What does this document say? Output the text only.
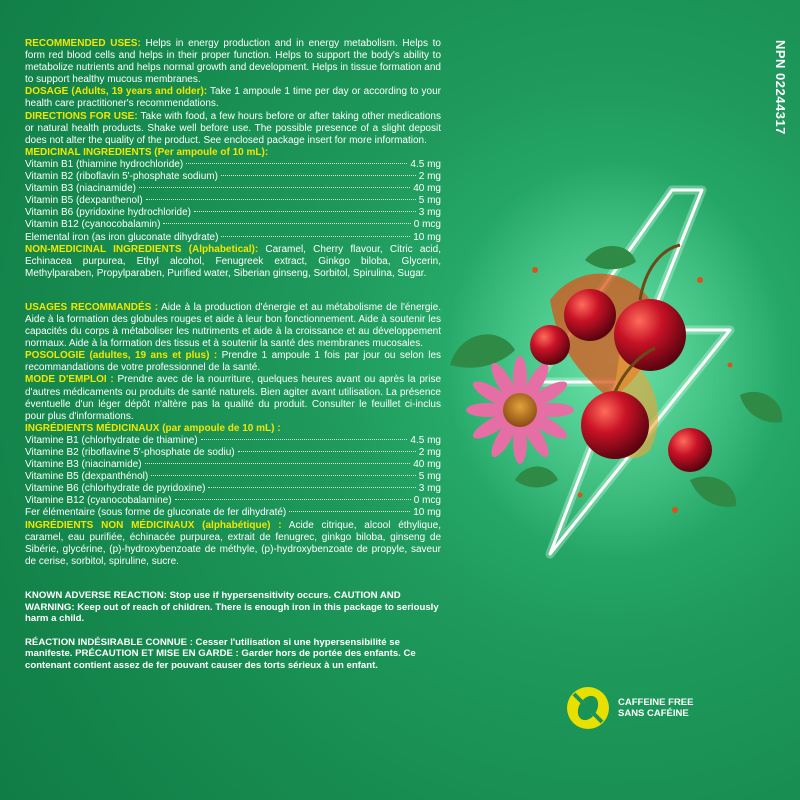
RECOMMENDED USES: Helps in energy production and in energy metabolism. Helps to form red blood cells and helps in their proper function. Helps to support the body's ability to metabolize nutrients and helps normal growth and development. Helps in tissue formation and to support healthy mucous membranes.

DOSAGE (Adults, 19 years and older): Take 1 ampoule 1 time per day or according to your health care practitioner's recommendations.

DIRECTIONS FOR USE: Take with food, a few hours before or after taking other medications or natural health products. Shake well before use. The possible presence of a slight deposit does not alter the quality of the product. See enclosed package insert for more information.

MEDICINAL INGREDIENTS (Per ampoule of 10 mL):

Vitamin B1 (thiamine hydrochloride)	4.5 mg
Vitamin B2 (riboflavin 5'-phosphate sodium)	2 mg
Vitamin B3 (niacinamide)	40 mg
Vitamin B5 (dexpanthenol)	5 mg
Vitamin B6 (pyridoxine hydrochloride)	3 mg
Vitamin B12 (cyanocobalamin)	0 mcg
Elemental iron (as iron gluconate dihydrate)	10 mg

NON-MEDICINAL INGREDIENTS (Alphabetical): Caramel, Cherry flavour, Citric acid, Echinacea purpurea, Ethyl alcohol, Fenugreek extract, Ginkgo biloba, Glycerin, Methylparaben, Propylparaben, Purified water, Siberian ginseng, Sorbitol, Spirulina, Sugar.

USAGES RECOMMANDÉS : Aide à la production d'énergie et au métabolisme de l'énergie. Aide à la formation des globules rouges et aide à leur bon fonctionnement. Aide à soutenir les capacités du corps à métaboliser les nutriments et aide à la croissance et au développement normaux. Aide à la formation des tissus et à soutenir la santé des membranes mucosales.

POSOLOGIE (adultes, 19 ans et plus) : Prendre 1 ampoule 1 fois par jour ou selon les recommandations de votre professionnel de la santé.

MODE D'EMPLOI : Prendre avec de la nourriture, quelques heures avant ou après la prise d'autres médicaments ou produits de santé naturels. Bien agiter avant utilisation. La présence éventuelle d'un léger dépôt n'altère pas la qualité du produit. Consulter le feuillet ci-inclus pour plus d'informations.

INGRÉDIENTS MÉDICINAUX (par ampoule de 10 mL) :

Vitamine B1 (chlorhydrate de thiamine)	4.5 mg
Vitamine B2 (riboflavine 5'-phosphate de sodiu)	2 mg
Vitamine B3 (niacinamide)	40 mg
Vitamine B5 (dexpanthénol)	5 mg
Vitamine B6 (chlorhydrate de pyridoxine)	3 mg
Vitamine B12 (cyanocobalamine)	0 mcg
Fer élémentaire (sous forme de gluconate de fer dihydraté)	10 mg

INGRÉDIENTS NON MÉDICINAUX (alphabétique) : Acide citrique, alcool éthylique, caramel, eau purifiée, échinacée purpurea, extrait de fenugrec, ginkgo biloba, ginseng de Sibérie, glycérine, (p)-hydroxybenzoate de méthyle, (p)-hydroxybenzoate de propyle, saveur de cerise, sorbitol, spiruline, sucre.

KNOWN ADVERSE REACTION: Stop use if hypersensitivity occurs. CAUTION AND WARNING: Keep out of reach of children. There is enough iron in this package to seriously harm a child.

RÉACTION INDÉSIRABLE CONNUE : Cesser l'utilisation si une hypersensibilité se manifeste. PRÉCAUTION ET MISE EN GARDE : Garder hors de portée des enfants. Ce contenant contient assez de fer pouvant causer des torts sérieux à un enfant.

NPN 02244317
CAFFEINE FREE
SANS CAFÉINE
